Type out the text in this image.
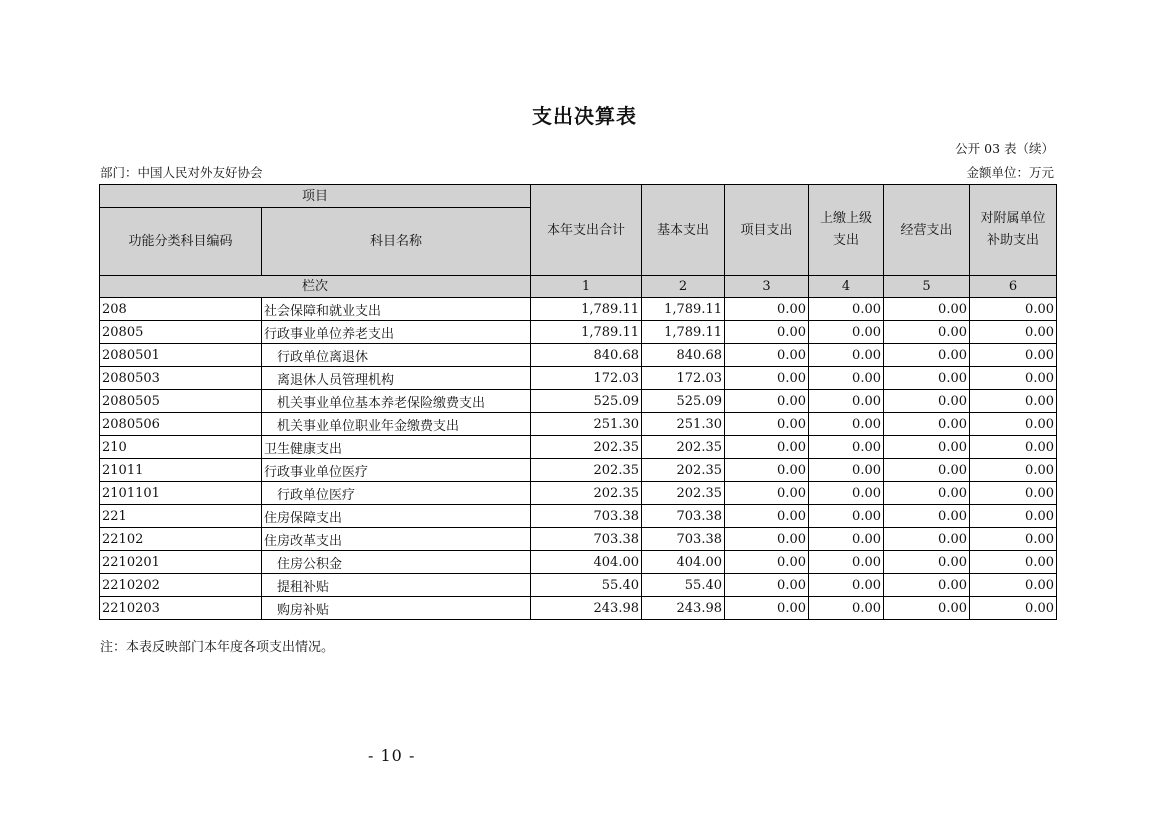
支出决算表
公开 03 表（续）
部门：中国人民对外友好协会	金额单位：万元
项目		本年支出合计	基本支出	项目支出	上缴上级支出	经营支出	对附属单位补助支出

功能分类科目编码	科目名称						
栏次		1	2	3	4	5	6
208	社会保障和就业支出	1,789.11	1,789.11	0.00	0.00	0.00	0.00
20805	行政事业单位养老支出	1,789.11	1,789.11	0.00	0.00	0.00	0.00
2080501	行政单位离退休	840.68	840.68	0.00	0.00	0.00	0.00
2080503	离退休人员管理机构	172.03	172.03	0.00	0.00	0.00	0.00
2080505	机关事业单位基本养老保险缴费支出	525.09	525.09	0.00	0.00	0.00	0.00
2080506	机关事业单位职业年金缴费支出	251.30	251.30	0.00	0.00	0.00	0.00
210	卫生健康支出	202.35	202.35	0.00	0.00	0.00	0.00
21011	行政事业单位医疗	202.35	202.35	0.00	0.00	0.00	0.00
2101101	行政单位医疗	202.35	202.35	0.00	0.00	0.00	0.00
221	住房保障支出	703.38	703.38	0.00	0.00	0.00	0.00
22102	住房改革支出	703.38	703.38	0.00	0.00	0.00	0.00
2210201	住房公积金	404.00	404.00	0.00	0.00	0.00	0.00
2210202	提租补贴	55.40	55.40	0.00	0.00	0.00	0.00
2210203	购房补贴	243.98	243.98	0.00	0.00	0.00	0.00
注：本表反映部门本年度各项支出情况。
- 10 -
